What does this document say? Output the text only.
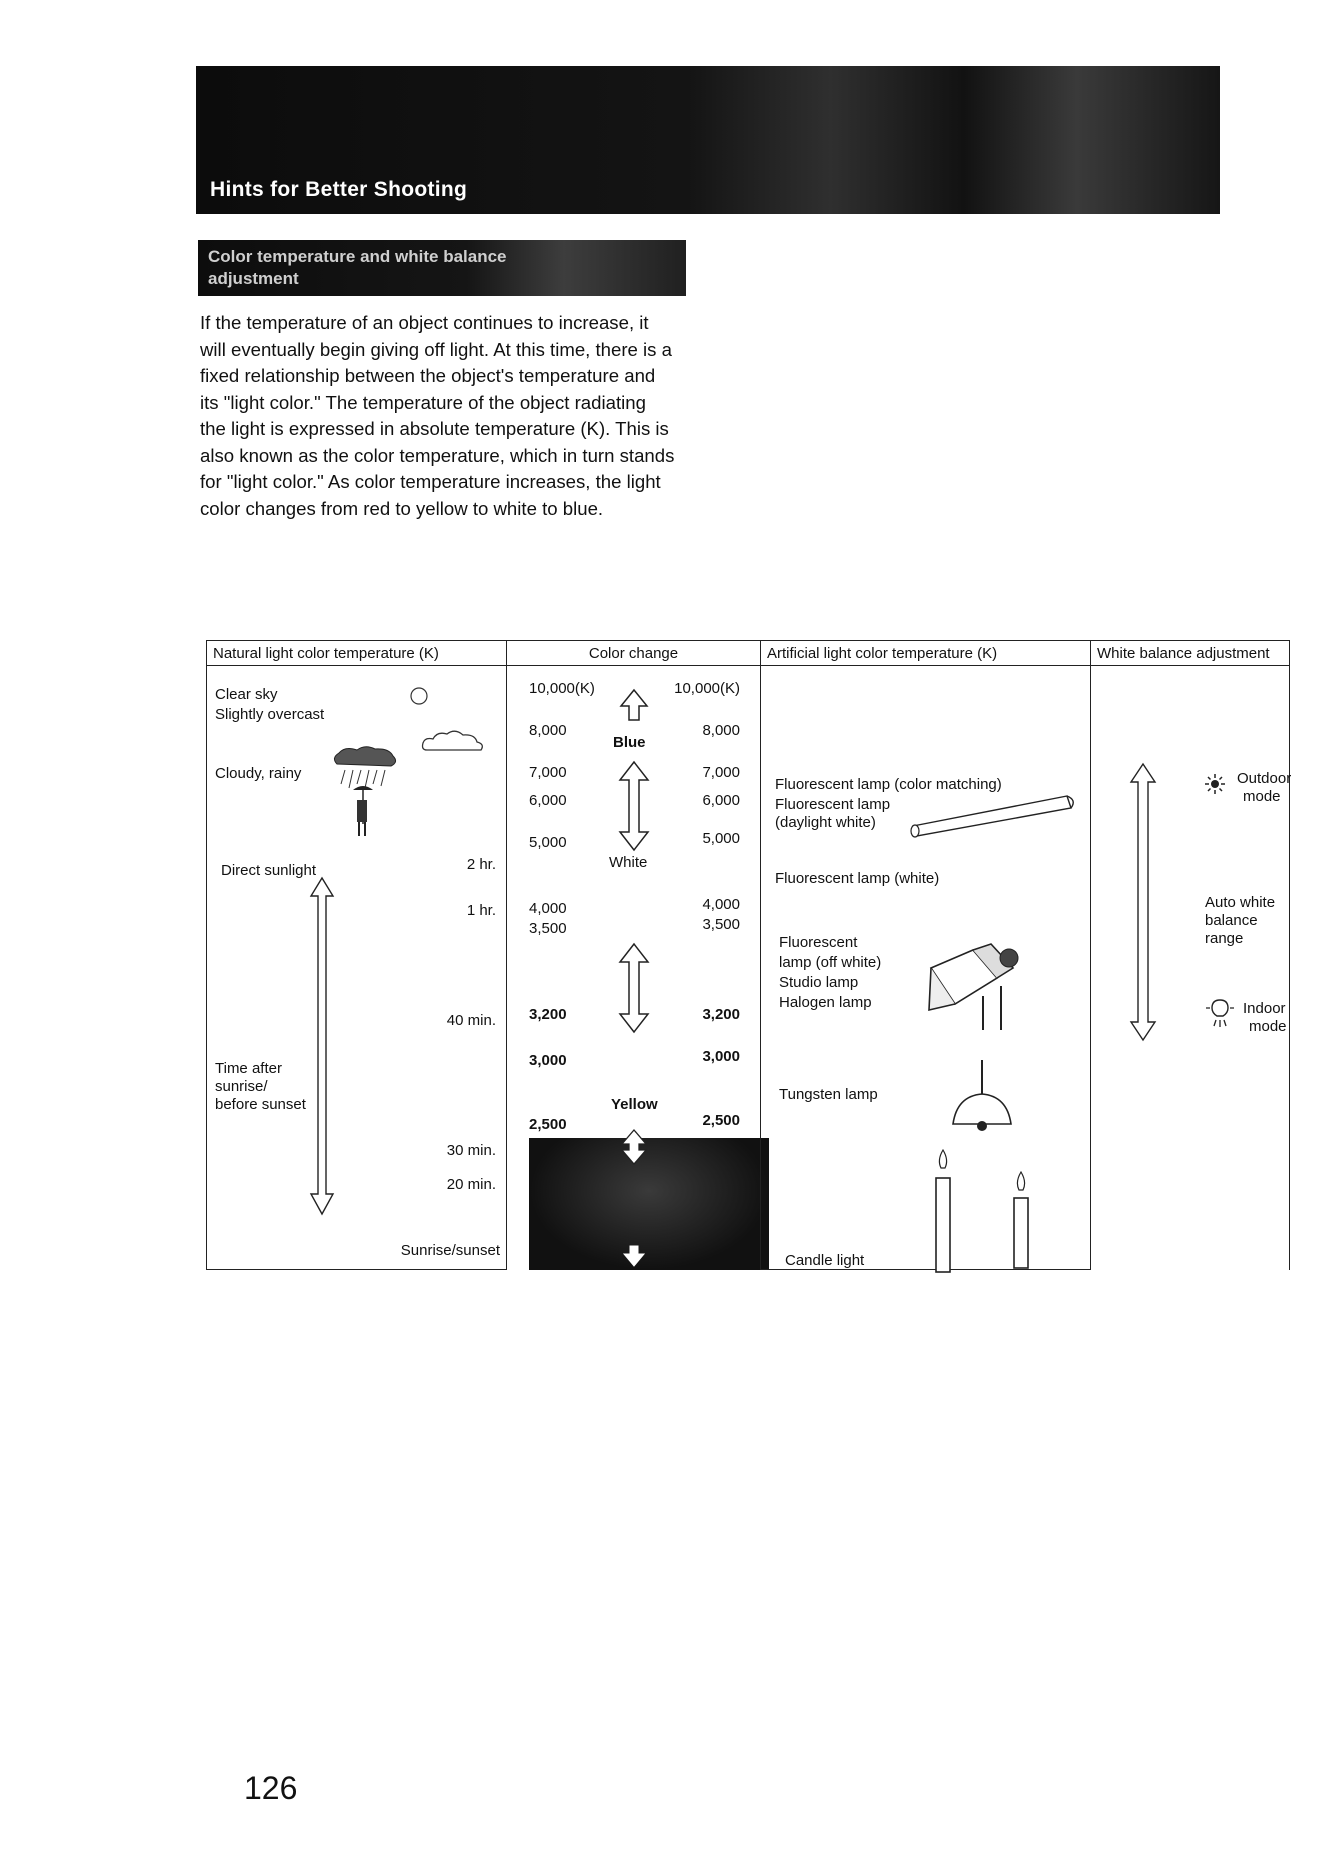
Hints for Better Shooting
Color temperature and white balance adjustment

If the temperature of an object continues to increase, it will eventually begin giving off light. At this time, there is a fixed relationship between the object's temperature and its "light color." The temperature of the object radiating the light is expressed in absolute temperature (K). This is also known as the color temperature, which in turn stands for "light color." As color temperature increases, the light color changes from red to yellow to white to blue.

Natural light color temperature (K)
Clear sky
Slightly overcast
Cloudy, rainy
Direct sunlight
Time after
sunrise/
before sunset
2 hr.
1 hr.
40 min.
30 min.
20 min.
Sunrise/sunset
Color change
10,000(K)
8,000
7,000
6,000
5,000
4,000
3,500
3,200
3,000
2,500
10,000(K)
8,000
7,000
6,000
5,000
4,000
3,500
3,200
3,000
2,500
Blue
White
Yellow
Artificial light color temperature (K)
Fluorescent lamp (color matching)
Fluorescent lamp
(daylight white)
Fluorescent lamp (white)
Fluorescent
lamp (off white)
Studio lamp
Halogen lamp
Tungsten lamp
Candle light
White balance adjustment
Outdoor
mode
Auto white
balance
range
Indoor
mode
126
